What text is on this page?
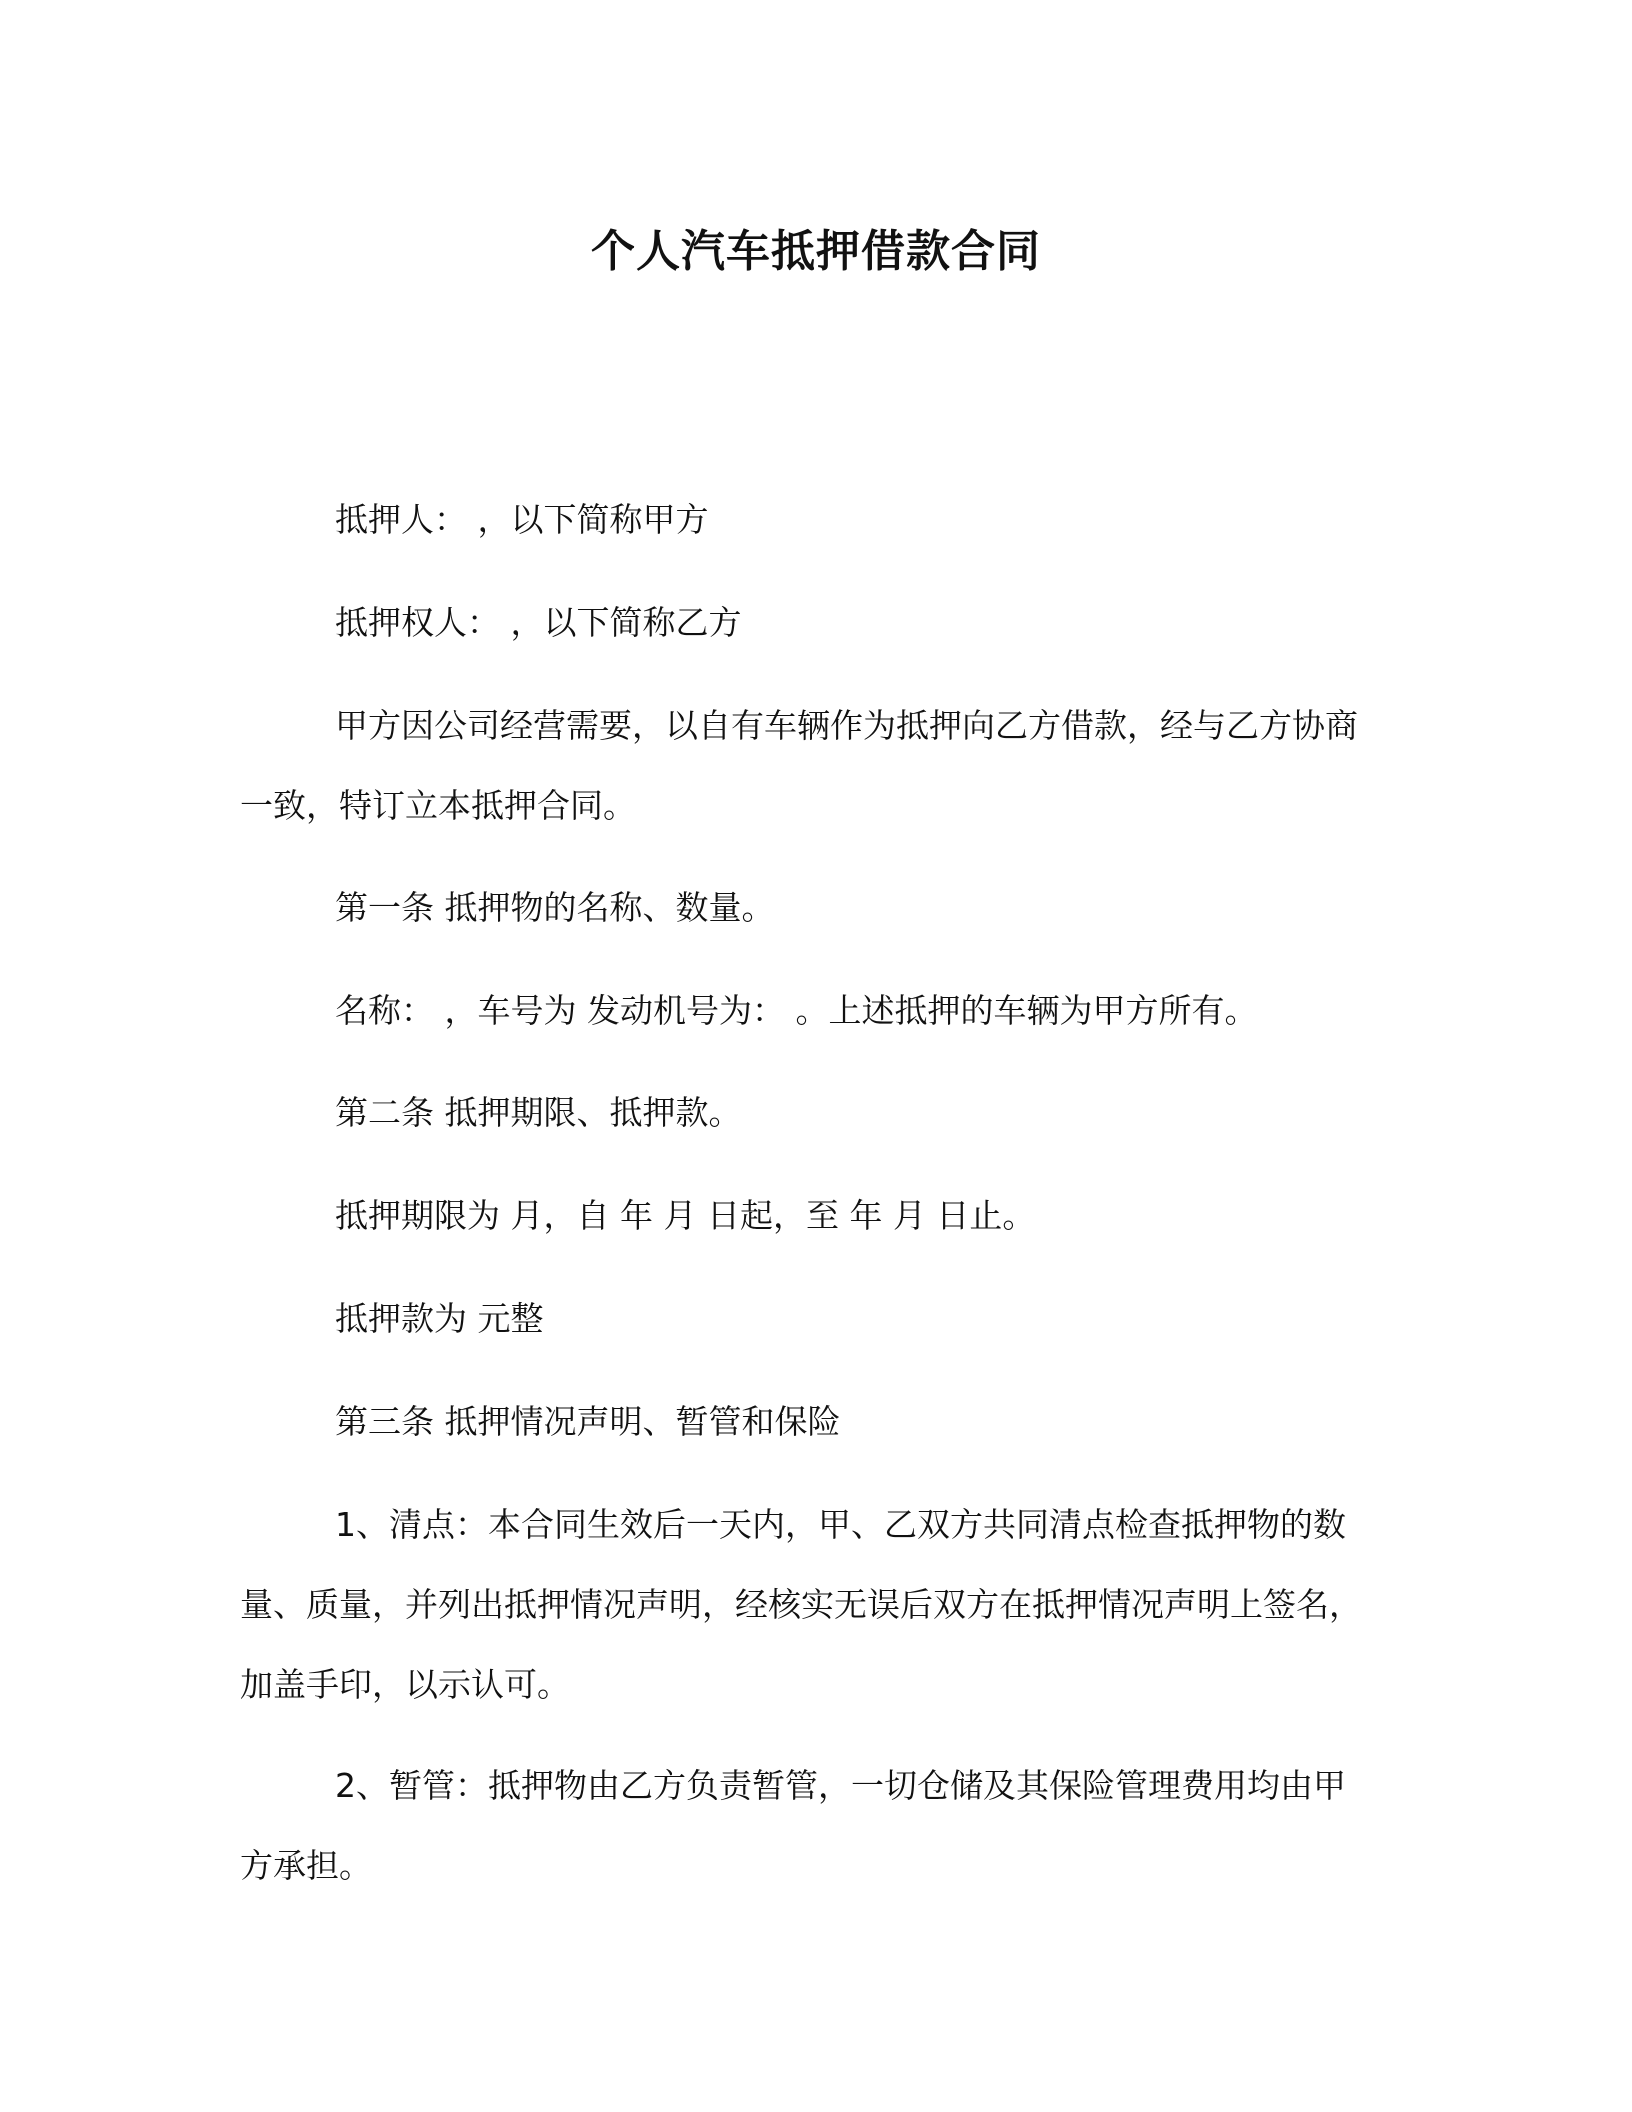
个人汽车抵押借款合同

抵押人： ，以下简称甲方

抵押权人： ，以下简称乙方

甲方因公司经营需要，以自有车辆作为抵押向乙方借款，经与乙方协商一致，特订立本抵押合同。

第一条 抵押物的名称、数量。

名称： ，车号为 发动机号为： 。上述抵押的车辆为甲方所有。

第二条 抵押期限、抵押款。

抵押期限为 月，自 年 月 日起，至 年 月 日止。

抵押款为 元整

第三条 抵押情况声明、暂管和保险

1、清点：本合同生效后一天内，甲、乙双方共同清点检查抵押物的数量、质量，并列出抵押情况声明，经核实无误后双方在抵押情况声明上签名，加盖手印，以示认可。

2、暂管：抵押物由乙方负责暂管，一切仓储及其保险管理费用均由甲方承担。
